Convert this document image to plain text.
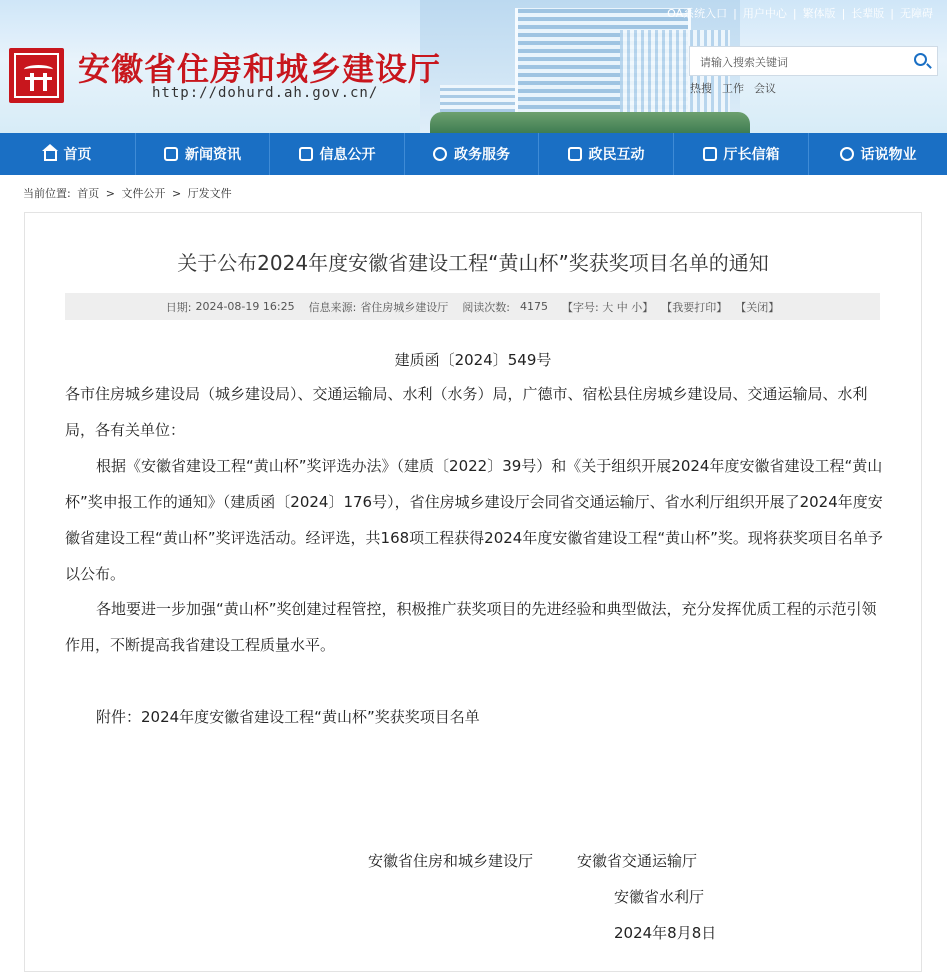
安徽省住房和城乡建设厅
http://dohurd.ah.gov.cn/
OA系统入口 | 用户中心 | 繁体版 | 长辈版 | 无障碍
请输入搜索关键词
热搜 工作 会议
首页	新闻资讯	信息公开	政务服务	政民互动	厅长信箱	话说物业
当前位置: 首页 > 文件公开 > 厅发文件
关于公布2024年度安徽省建设工程“黄山杯”奖获奖项目名单的通知
日期: 2024-08-19 16:25 信息来源: 省住房城乡建设厅 阅读次数: 4175 【字号: 大 中 小】 【我要打印】 【关闭】
建质函〔2024〕549号
各市住房城乡建设局（城乡建设局）、交通运输局、水利（水务）局，广德市、宿松县住房城乡建设局、交通运输局、水利局，各有关单位：
根据《安徽省建设工程“黄山杯”奖评选办法》（建质〔2022〕39号）和《关于组织开展2024年度安徽省建设工程“黄山杯”奖申报工作的通知》（建质函〔2024〕176号），省住房城乡建设厅会同省交通运输厅、省水利厅组织开展了2024年度安徽省建设工程“黄山杯”奖评选活动。经评选，共168项工程获得2024年度安徽省建设工程“黄山杯”奖。现将获奖项目名单予以公布。
各地要进一步加强“黄山杯”奖创建过程管控，积极推广获奖项目的先进经验和典型做法，充分发挥优质工程的示范引领作用，不断提高我省建设工程质量水平。
附件：2024年度安徽省建设工程“黄山杯”奖获奖项目名单
安徽省住房和城乡建设厅	安徽省交通运输厅
安徽省水利厅
2024年8月8日
